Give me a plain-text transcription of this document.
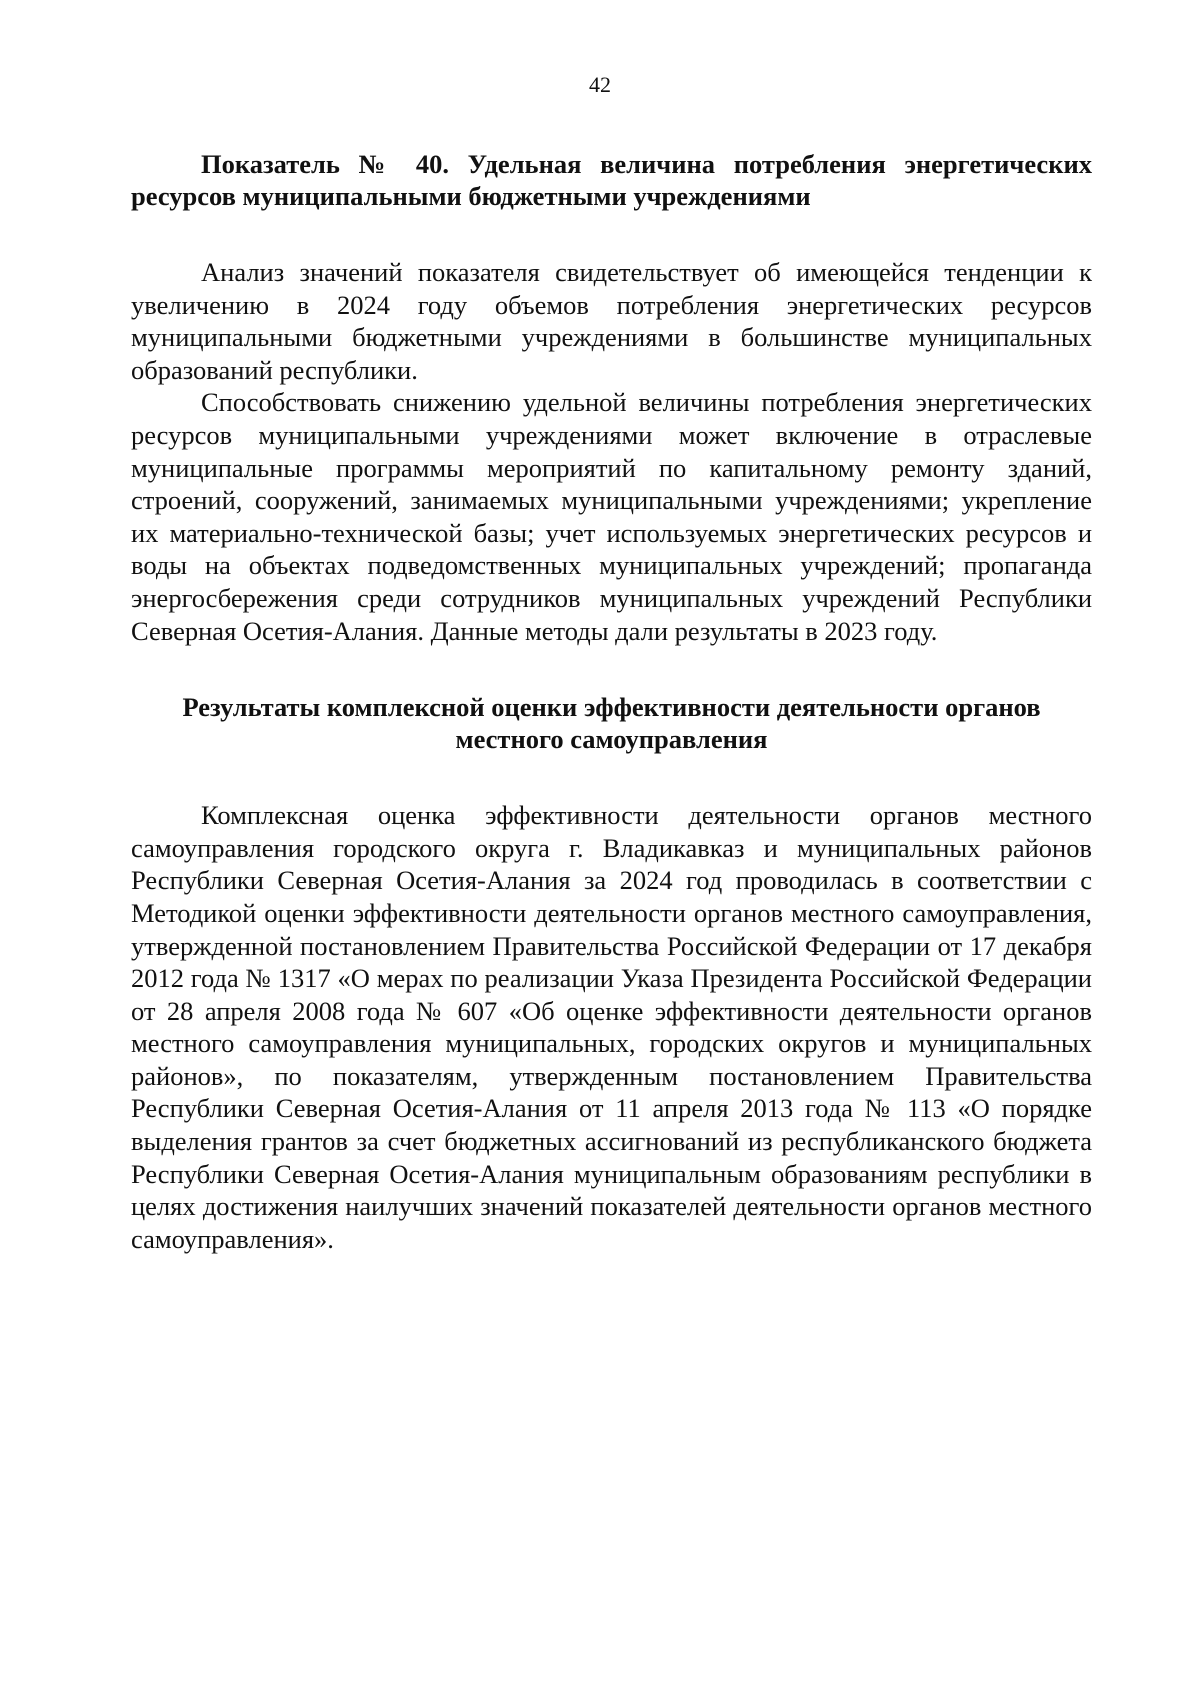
42

Показатель № 40. Удельная величина потребления энергетических ресурсов муниципальными бюджетными учреждениями

Анализ значений показателя свидетельствует об имеющейся тенденции к увеличению в 2024 году объемов потребления энергетических ресурсов муниципальными бюджетными учреждениями в большинстве муниципальных образований республики.

Способствовать снижению удельной величины потребления энергетических ресурсов муниципальными учреждениями может включение в отраслевые муниципальные программы мероприятий по капитальному ремонту зданий, строений, сооружений, занимаемых муниципальными учреждениями; укрепление их материально-технической базы; учет используемых энергетических ресурсов и воды на объектах подведомственных муниципальных учреждений; пропаганда энергосбережения среди сотрудников муниципальных учреждений Республики Северная Осетия-Алания. Данные методы дали результаты в 2023 году.

Результаты комплексной оценки эффективности деятельности органов местного самоуправления

Комплексная оценка эффективности деятельности органов местного самоуправления городского округа г. Владикавказ и муниципальных районов Республики Северная Осетия-Алания за 2024 год проводилась в соответствии с Методикой оценки эффективности деятельности органов местного самоуправления, утвержденной постановлением Правительства Российской Федерации от 17 декабря 2012 года № 1317 «О мерах по реализации Указа Президента Российской Федерации от 28 апреля 2008 года № 607 «Об оценке эффективности деятельности органов местного самоуправления муниципальных, городских округов и муниципальных районов», по показателям, утвержденным постановлением Правительства Республики Северная Осетия-Алания от 11 апреля 2013 года № 113 «О порядке выделения грантов за счет бюджетных ассигнований из республиканского бюджета Республики Северная Осетия-Алания муниципальным образованиям республики в целях достижения наилучших значений показателей деятельности органов местного самоуправления».
